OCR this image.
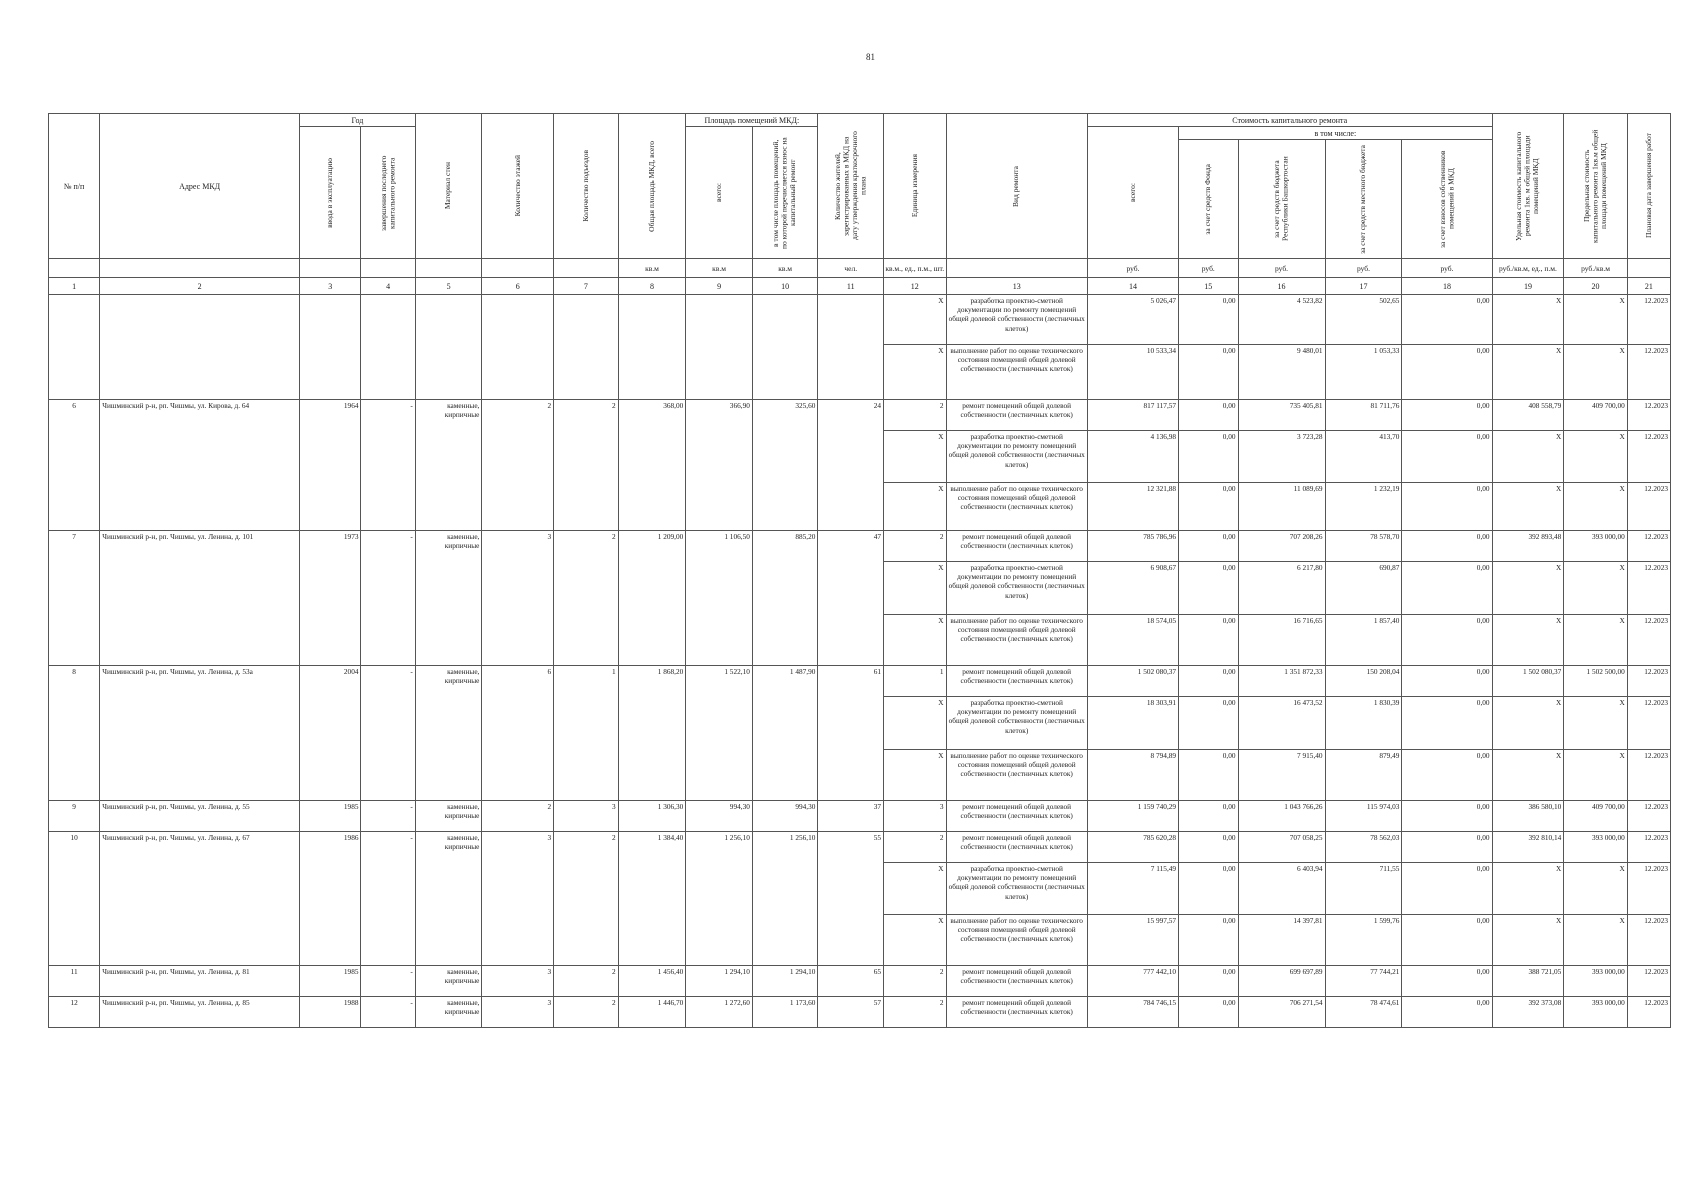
81
№ п/п	Адрес МКД	Год		Материал стен	Количество этажей	Количество подъездов	Общая площадь МКД, всего	Площадь помещений МКД:		Количество жителей, зарегистрированных в МКД на дату утверждения краткосрочного плана	Единица измерения	Вид ремонта	Стоимость капитального ремонта					Удельная стоимость капитального ремонта 1кв. м общей площади помещений МКД	Предельная стоимость капитального ремонта 1кв.м общей площади помещений МКД	Плановая дата завершения работ

		ввода в эксплуатацию	завершения последнего капитального ремонта					всего:	в том числе площадь помещений, по которой перечисляется взнос на капитальный ремонт				всего:	в том числе:						

														за счет средств Фонда	за счет средств бюджета Республики Башкортостан	за счет средств местного бюджета	за счет взносов собственников помещений в МКД			

							кв.м	кв.м	кв.м	чел.	кв.м., ед., п.м., шт.		руб.	руб.	руб.	руб.	руб.	руб./кв.м, ед., п.м.	руб./кв.м	
1	2	3	4	5	6	7	8	9	10	11	12	13	14	15	16	17	18	19	20	21
											X	разработка проектно-сметной документации по ремонту помещений общей долевой собственности (лестничных клеток)	5 026,47	0,00	4 523,82	502,65	0,00	X	X	12.2023
											X	выполнение работ по оценке технического состояния помещений общей долевой собственности (лестничных клеток)	10 533,34	0,00	9 480,01	1 053,33	0,00	X	X	12.2023
6	Чишминский р-н, рп. Чишмы, ул. Кирова, д. 64	1964	-	каменные, кирпичные	2	2	368,00	366,90	325,60	24	2	ремонт помещений общей долевой собственности (лестничных клеток)	817 117,57	0,00	735 405,81	81 711,76	0,00	408 558,79	409 700,00	12.2023
											X	разработка проектно-сметной документации по ремонту помещений общей долевой собственности (лестничных клеток)	4 136,98	0,00	3 723,28	413,70	0,00	X	X	12.2023
											X	выполнение работ по оценке технического состояния помещений общей долевой собственности (лестничных клеток)	12 321,88	0,00	11 089,69	1 232,19	0,00	X	X	12.2023
7	Чишминский р-н, рп. Чишмы, ул. Ленина, д. 101	1973	-	каменные, кирпичные	3	2	1 209,00	1 106,50	885,20	47	2	ремонт помещений общей долевой собственности (лестничных клеток)	785 786,96	0,00	707 208,26	78 578,70	0,00	392 893,48	393 000,00	12.2023
											X	разработка проектно-сметной документации по ремонту помещений общей долевой собственности (лестничных клеток)	6 908,67	0,00	6 217,80	690,87	0,00	X	X	12.2023
											X	выполнение работ по оценке технического состояния помещений общей долевой собственности (лестничных клеток)	18 574,05	0,00	16 716,65	1 857,40	0,00	X	X	12.2023
8	Чишминский р-н, рп. Чишмы, ул. Ленина, д. 53а	2004	-	каменные, кирпичные	6	1	1 868,20	1 522,10	1 487,90	61	1	ремонт помещений общей долевой собственности (лестничных клеток)	1 502 080,37	0,00	1 351 872,33	150 208,04	0,00	1 502 080,37	1 502 500,00	12.2023
											X	разработка проектно-сметной документации по ремонту помещений общей долевой собственности (лестничных клеток)	18 303,91	0,00	16 473,52	1 830,39	0,00	X	X	12.2023
											X	выполнение работ по оценке технического состояния помещений общей долевой собственности (лестничных клеток)	8 794,89	0,00	7 915,40	879,49	0,00	X	X	12.2023
9	Чишминский р-н, рп. Чишмы, ул. Ленина, д. 55	1985	-	каменные, кирпичные	2	3	1 306,30	994,30	994,30	37	3	ремонт помещений общей долевой собственности (лестничных клеток)	1 159 740,29	0,00	1 043 766,26	115 974,03	0,00	386 580,10	409 700,00	12.2023
10	Чишминский р-н, рп. Чишмы, ул. Ленина, д. 67	1986	-	каменные, кирпичные	3	2	1 384,40	1 256,10	1 256,10	55	2	ремонт помещений общей долевой собственности (лестничных клеток)	785 620,28	0,00	707 058,25	78 562,03	0,00	392 810,14	393 000,00	12.2023
											X	разработка проектно-сметной документации по ремонту помещений общей долевой собственности (лестничных клеток)	7 115,49	0,00	6 403,94	711,55	0,00	X	X	12.2023
											X	выполнение работ по оценке технического состояния помещений общей долевой собственности (лестничных клеток)	15 997,57	0,00	14 397,81	1 599,76	0,00	X	X	12.2023
11	Чишминский р-н, рп. Чишмы, ул. Ленина, д. 81	1985	-	каменные, кирпичные	3	2	1 456,40	1 294,10	1 294,10	65	2	ремонт помещений общей долевой собственности (лестничных клеток)	777 442,10	0,00	699 697,89	77 744,21	0,00	388 721,05	393 000,00	12.2023
12	Чишминский р-н, рп. Чишмы, ул. Ленина, д. 85	1988	-	каменные, кирпичные	3	2	1 446,70	1 272,60	1 173,60	57	2	ремонт помещений общей долевой собственности (лестничных клеток)	784 746,15	0,00	706 271,54	78 474,61	0,00	392 373,08	393 000,00	12.2023
